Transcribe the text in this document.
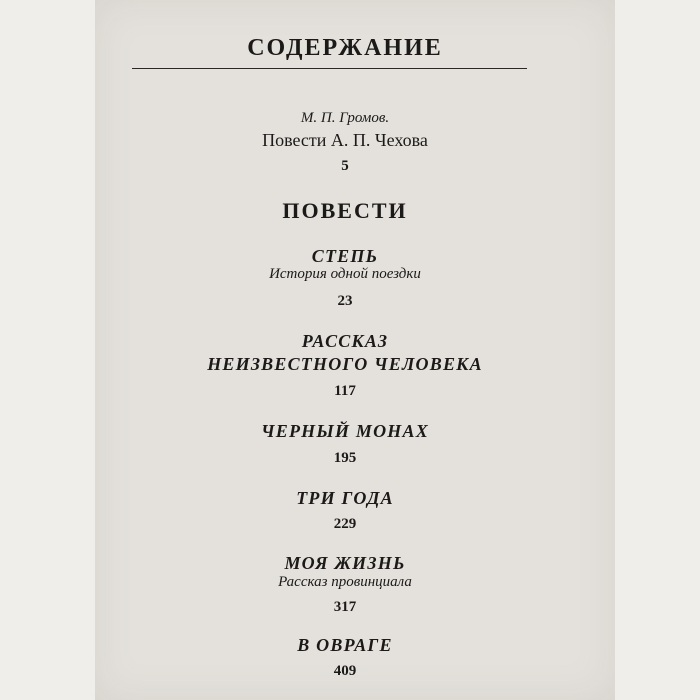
СОДЕРЖАНИЕ
М. П. Громов.
Повести А. П. Чехова
5
ПОВЕСТИ
СТЕПЬ
История одной поездки
23
РАССКАЗ
НЕИЗВЕСТНОГО ЧЕЛОВЕКА
117
ЧЕРНЫЙ МОНАХ
195
ТРИ ГОДА
229
МОЯ ЖИЗНЬ
Рассказ провинциала
317
В ОВРАГЕ
409
